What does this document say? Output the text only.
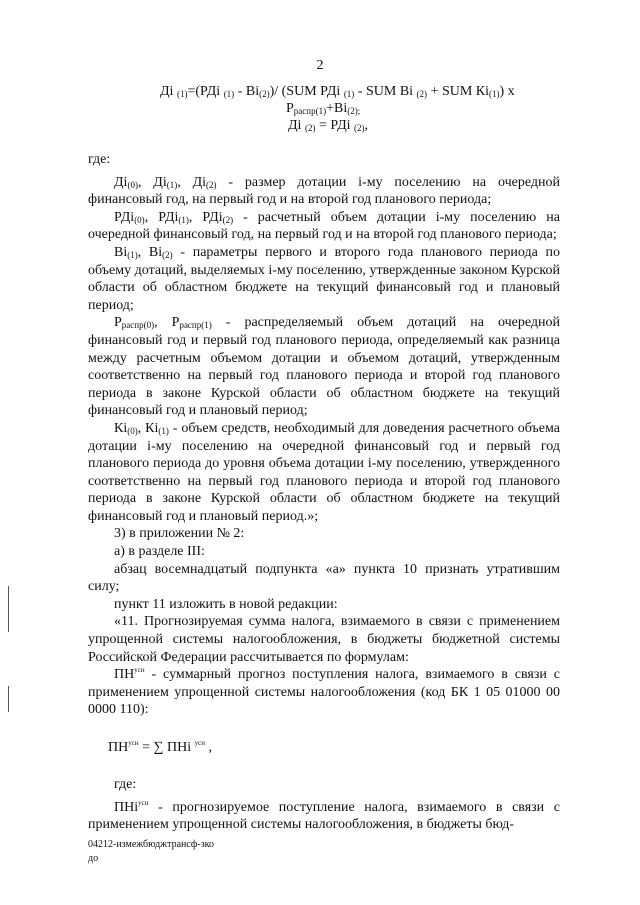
2
Дi $_{(1)}$=(РДi $_{(1)} - Вi_{(2)})/$ (SUM РДi $_{(1)}$ - SUM Вi $_{(2)}$ + SUM $Кi_{(1)}$) x
$Р_{распр(1)}+Вi_{(2);}$
Дi $_{(2)}$ = РДi $_{(2)}$,

где:

$Дi_{(0)}$, $Дi_{(1)}$, $Дi_{(2)}$ - размер дотации i-му поселению на очередной финансовый год, на первый год и на второй год планового периода;

РДi$_{(0)}$, РДi$_{(1)}$, РДi$_{(2)}$ - расчетный объем дотации i-му поселению на очередной финансовый год, на первый год и на второй год планового периода;

$Вi_{(1)}$, $Вi_{(2)}$ - параметры первого и второго года планового периода по объему дотаций, выделяемых i-му поселению, утвержденные законом Курской области об областном бюджете на текущий финансовый год и плановый период;

$Р_{распр(0)}$, $Р_{распр(1)}$ - распределяемый объем дотаций на очередной финансовый год и первый год планового периода, определяемый как разница между расчетным объемом дотации и объемом дотаций, утвержденным соответственно на первый год планового периода и второй год планового периода в законе Курской области об областном бюджете на текущий финансовый год и плановый период;

$Кi_{(0)}$, $Кi_{(1)}$ - объем средств, необходимый для доведения расчетного объема дотации i-му поселению на очередной финансовый год и первый год планового периода до уровня объема дотации i-му поселению, утвержденного соответственно на первый год планового периода и второй год планового периода в законе Курской области об областном бюджете на текущий финансовый год и плановый период.»;

3) в приложении № 2:

а) в разделе III:

абзац восемнадцатый подпункта «а» пункта 10 признать утратившим силу;

пункт 11 изложить в новой редакции:

«11. Прогнозируемая сумма налога, взимаемого в связи с применением упрощенной системы налогообложения, в бюджеты бюджетной системы Российской Федерации рассчитывается по формулам:

$ПН^{усн}$ - суммарный прогноз поступления налога, взимаемого в связи с применением упрощенной системы налогообложения (код БК 1 05 01000 00 0000 110):

$ПН^{усн}$ = ∑ ПНi $^{усн}$ ,

где:

ПНi$^{усн}$ - прогнозируемое поступление налога, взимаемого в связи с применением упрощенной системы налогообложения, в бюджеты бюд-

04212-измежбюджтрансф-зко
до
